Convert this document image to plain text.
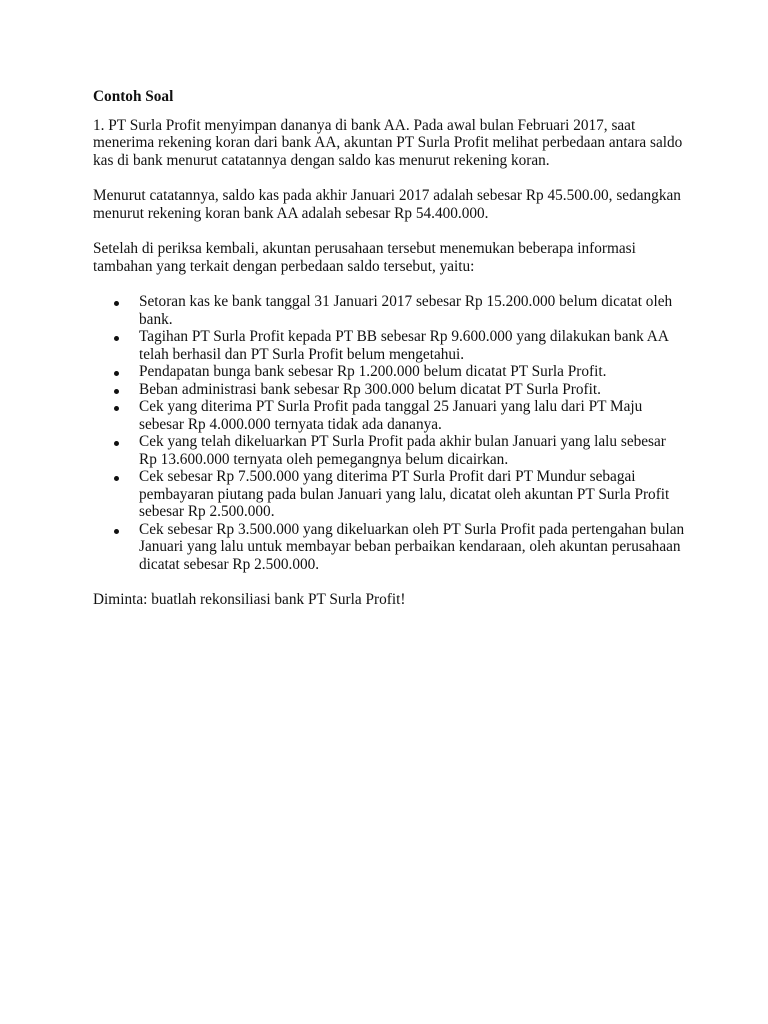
Contoh Soal

1. PT Surla Profit menyimpan dananya di bank AA. Pada awal bulan Februari 2017, saat menerima rekening koran dari bank AA, akuntan PT Surla Profit melihat perbedaan antara saldo kas di bank menurut catatannya dengan saldo kas menurut rekening koran.

Menurut catatannya, saldo kas pada akhir Januari 2017 adalah sebesar Rp 45.500.00, sedangkan menurut rekening koran bank AA adalah sebesar Rp 54.400.000.

Setelah di periksa kembali, akuntan perusahaan tersebut menemukan beberapa informasi tambahan yang terkait dengan perbedaan saldo tersebut, yaitu:

Setoran kas ke bank tanggal 31 Januari 2017 sebesar Rp 15.200.000 belum dicatat oleh bank.
Tagihan PT Surla Profit kepada PT BB sebesar Rp 9.600.000 yang dilakukan bank AA telah berhasil dan PT Surla Profit belum mengetahui.
Pendapatan bunga bank sebesar Rp 1.200.000 belum dicatat PT Surla Profit.
Beban administrasi bank sebesar Rp 300.000 belum dicatat PT Surla Profit.
Cek yang diterima PT Surla Profit pada tanggal 25 Januari yang lalu dari PT Maju sebesar Rp 4.000.000 ternyata tidak ada dananya.
Cek yang telah dikeluarkan PT Surla Profit pada akhir bulan Januari yang lalu sebesar Rp 13.600.000 ternyata oleh pemegangnya belum dicairkan.
Cek sebesar Rp 7.500.000 yang diterima PT Surla Profit dari PT Mundur sebagai pembayaran piutang pada bulan Januari yang lalu, dicatat oleh akuntan PT Surla Profit sebesar Rp 2.500.000.
Cek sebesar Rp 3.500.000 yang dikeluarkan oleh PT Surla Profit pada pertengahan bulan Januari yang lalu untuk membayar beban perbaikan kendaraan, oleh akuntan perusahaan dicatat sebesar Rp 2.500.000.

Diminta: buatlah rekonsiliasi bank PT Surla Profit!
